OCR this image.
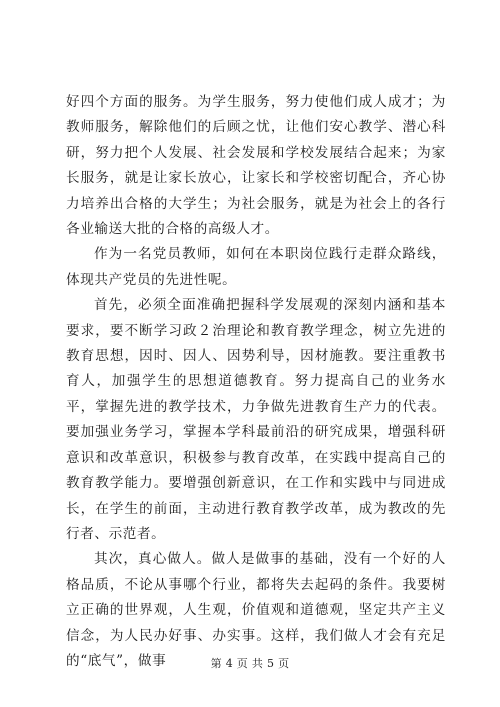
好四个方面的服务。为学生服务，努力使他们成人成才；为教师服务，解除他们的后顾之忧，让他们安心教学、潜心科研，努力把个人发展、社会发展和学校发展结合起来；为家长服务，就是让家长放心，让家长和学校密切配合，齐心协力培养出合格的大学生；为社会服务，就是为社会上的各行各业输送大批的合格的高级人才。

作为一名党员教师，如何在本职岗位践行走群众路线，体现共产党员的先进性呢。

首先，必须全面准确把握科学发展观的深刻内涵和基本要求，要不断学习政２治理论和教育教学理念，树立先进的教育思想，因时、因人、因势利导，因材施教。要注重教书育人，加强学生的思想道德教育。努力提高自己的业务水平，掌握先进的教学技术，力争做先进教育生产力的代表。要加强业务学习，掌握本学科最前沿的研究成果，增强科研意识和改革意识，积极参与教育改革，在实践中提高自己的教育教学能力。要增强创新意识，在工作和实践中与同进成长，在学生的前面，主动进行教育教学改革，成为教改的先行者、示范者。

其次，真心做人。做人是做事的基础，没有一个好的人格品质，不论从事哪个行业，都将失去起码的条件。我要树立正确的世界观，人生观，价值观和道德观，坚定共产主义信念，为人民办好事、办实事。这样，我们做人才会有充足的“底气”，做事	第 4 页 共 5 页
